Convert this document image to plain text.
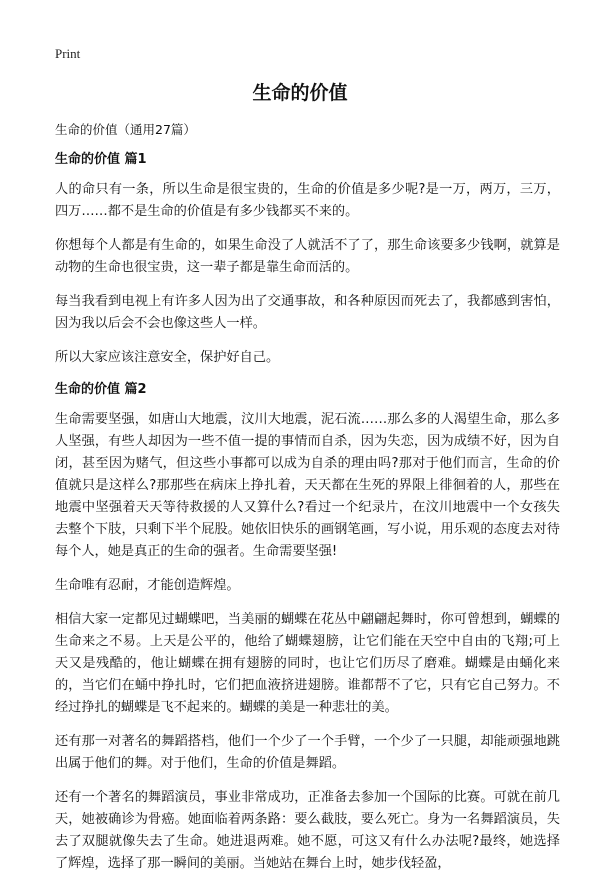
Print
生命的价值
生命的价值（通用27篇）
生命的价值 篇1

人的命只有一条，所以生命是很宝贵的，生命的价值是多少呢?是一万，两万，三万，四万……都不是生命的价值是有多少钱都买不来的。

你想每个人都是有生命的，如果生命没了人就活不了了，那生命该要多少钱啊，就算是动物的生命也很宝贵，这一辈子都是靠生命而活的。

每当我看到电视上有许多人因为出了交通事故，和各种原因而死去了，我都感到害怕，因为我以后会不会也像这些人一样。

所以大家应该注意安全，保护好自己。

生命的价值 篇2

生命需要坚强，如唐山大地震，汶川大地震，泥石流……那么多的人渴望生命，那么多人坚强，有些人却因为一些不值一提的事情而自杀，因为失恋，因为成绩不好，因为自闭，甚至因为赌气，但这些小事都可以成为自杀的理由吗?那对于他们而言，生命的价值就只是这样么?那那些在病床上挣扎着，天天都在生死的界限上徘徊着的人，那些在地震中坚强着天天等待救援的人又算什么?看过一个纪录片，在汶川地震中一个女孩失去整个下肢，只剩下半个屁股。她依旧快乐的画钢笔画，写小说，用乐观的态度去对待每个人，她是真正的生命的强者。生命需要坚强!

生命唯有忍耐，才能创造辉煌。

相信大家一定都见过蝴蝶吧，当美丽的蝴蝶在花丛中翩翩起舞时，你可曾想到，蝴蝶的生命来之不易。上天是公平的，他给了蝴蝶翅膀，让它们能在天空中自由的飞翔;可上天又是残酷的，他让蝴蝶在拥有翅膀的同时，也让它们历尽了磨难。蝴蝶是由蛹化来的，当它们在蛹中挣扎时，它们把血液挤进翅膀。谁都帮不了它，只有它自己努力。不经过挣扎的蝴蝶是飞不起来的。蝴蝶的美是一种悲壮的美。

还有那一对著名的舞蹈搭档，他们一个少了一个手臂，一个少了一只腿，却能顽强地跳出属于他们的舞。对于他们，生命的价值是舞蹈。

还有一个著名的舞蹈演员，事业非常成功，正准备去参加一个国际的比赛。可就在前几天，她被确诊为骨癌。她面临着两条路：要么截肢，要么死亡。身为一名舞蹈演员，失去了双腿就像失去了生命。她进退两难。她不愿，可这又有什么办法呢?最终，她选择了辉煌，选择了那一瞬间的美丽。当她站在舞台上时，她步伐轻盈，
